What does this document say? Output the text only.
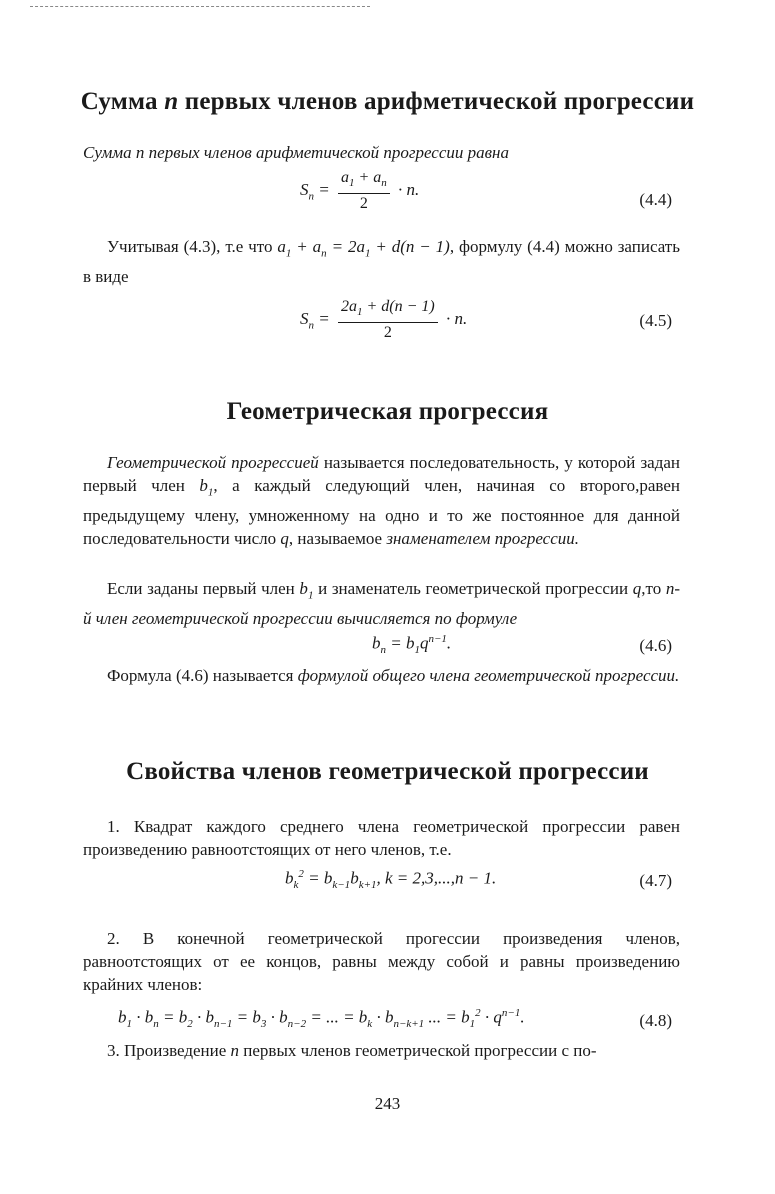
Сумма n первых членов арифметической прогрессии
Сумма n первых членов арифметической прогрессии равна
$S_n = \frac{a_1 + a_n}{2} \cdot n$.
(4.4)
Учитывая (4.3), т.е что $a_1 + a_n = 2a_1 + d(n - 1)$, формулу (4.4) можно записать в виде
$S_n = \frac{2a_1 + d(n - 1)}{2} \cdot n$.	(4.5)
Геометрическая прогрессия
Геометрической прогрессией называется последовательность, у которой задан первый член $b_1$, а каждый следующий член, начиная со второго,равен предыдущему члену, умноженному на одно и то же постоянное для данной последовательности число q, называемое знаменателем прогрессии.
Если заданы первый член $b_1$ и знаменатель геометрической прогрессии q,то n-й член геометрической прогрессии вычисляется по формуле
$b_n = b_1q^{n-1}$.	(4.6)
Формула (4.6) называется формулой общего члена геометрической прогрессии.
Свойства членов геометрической прогрессии
1. Квадрат каждого среднего члена геометрической прогрессии равен произведению равноотстоящих от него членов, т.е.
$b_k^2 = b_{k-1}b_{k+1}$, k = 2,3,...,n − 1.	(4.7)
2. В конечной геометрической прогессии произведения членов, равноотстоящих от ее концов, равны между собой и равны произведению крайних членов:
$b_1 \cdot b_n = b_2 \cdot b_{n-1} = b_3 \cdot b_{n-2}$ = ... = $b_k \cdot b_{n-k+1}$ ... = $b_1^2 \cdot q^{n-1}$.	(4.8)
3. Произведение n первых членов геометрической прогрессии с по-
243
